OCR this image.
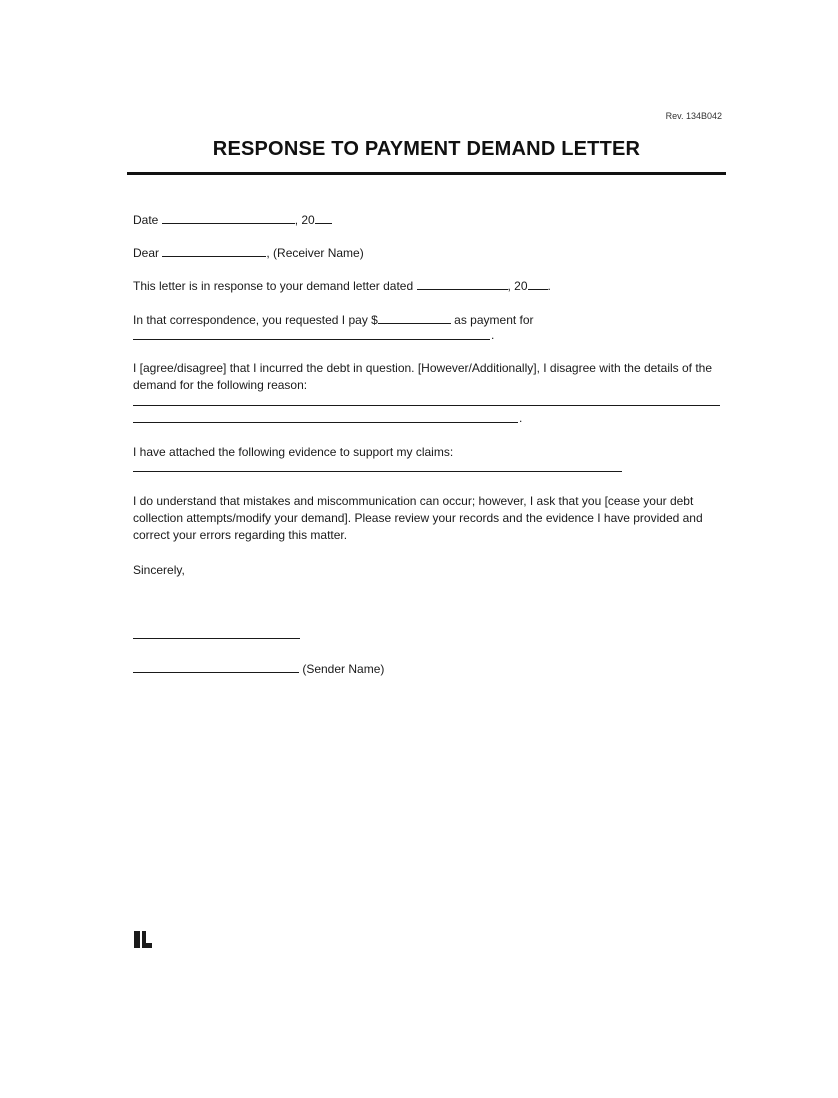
Rev. 134B042
RESPONSE TO PAYMENT DEMAND LETTER
Date	, 20
Dear	, (Receiver Name)
This letter is in response to your demand letter dated	, 20 .
In that correspondence, you requested I pay $	as payment for
.
I [agree/disagree] that I incurred the debt in question. [However/Additionally], I disagree with the details of the demand for the following reason:
.
I have attached the following evidence to support my claims:
I do understand that mistakes and miscommunication can occur; however, I ask that you [cease your debt collection attempts/modify your demand]. Please review your records and the evidence I have provided and correct your errors regarding this matter.
Sincerely,
(Sender Name)
